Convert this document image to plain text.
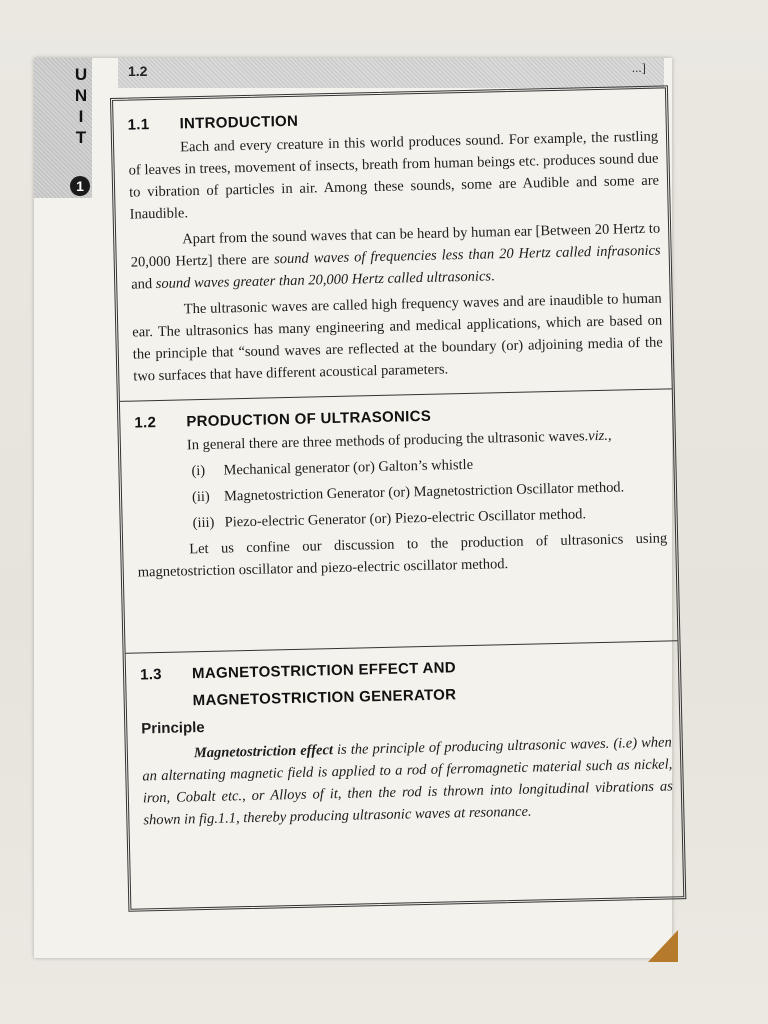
U
N
I
T
1
1.2	...]
1.1 INTRODUCTION

Each and every creature in this world produces sound. For example, the rustling of leaves in trees, movement of insects, breath from human beings etc. produces sound due to vibration of particles in air. Among these sounds, some are Audible and some are Inaudible.

Apart from the sound waves that can be heard by human ear [Between 20 Hertz to 20,000 Hertz] there are sound waves of frequencies less than 20 Hertz called infrasonics and sound waves greater than 20,000 Hertz called ultrasonics.

The ultrasonic waves are called high frequency waves and are inaudible to human ear. The ultrasonics has many engineering and medical applications, which are based on the principle that “sound waves are reflected at the boundary (or) adjoining media of the two surfaces that have different acoustical parameters.

1.2 PRODUCTION OF ULTRASONICS

In general there are three methods of producing the ultrasonic waves.viz.,

(i)	Mechanical generator (or) Galton’s whistle
(ii) Magnetostriction Generator (or) Magnetostriction Oscillator method.
(iii) Piezo-electric Generator (or) Piezo-electric Oscillator method.

Let us confine our discussion to the production of ultrasonics using magnetostriction oscillator and piezo-electric oscillator method.

1.3 MAGNETOSTRICTION EFFECT AND
MAGNETOSTRICTION GENERATOR
Principle

Magnetostriction effect is the principle of producing ultrasonic waves. (i.e) when an alternating magnetic field is applied to a rod of ferromagnetic material such as nickel, iron, Cobalt etc., or Alloys of it, then the rod is thrown into longitudinal vibrations as shown in fig.1.1, thereby producing ultrasonic waves at resonance.
